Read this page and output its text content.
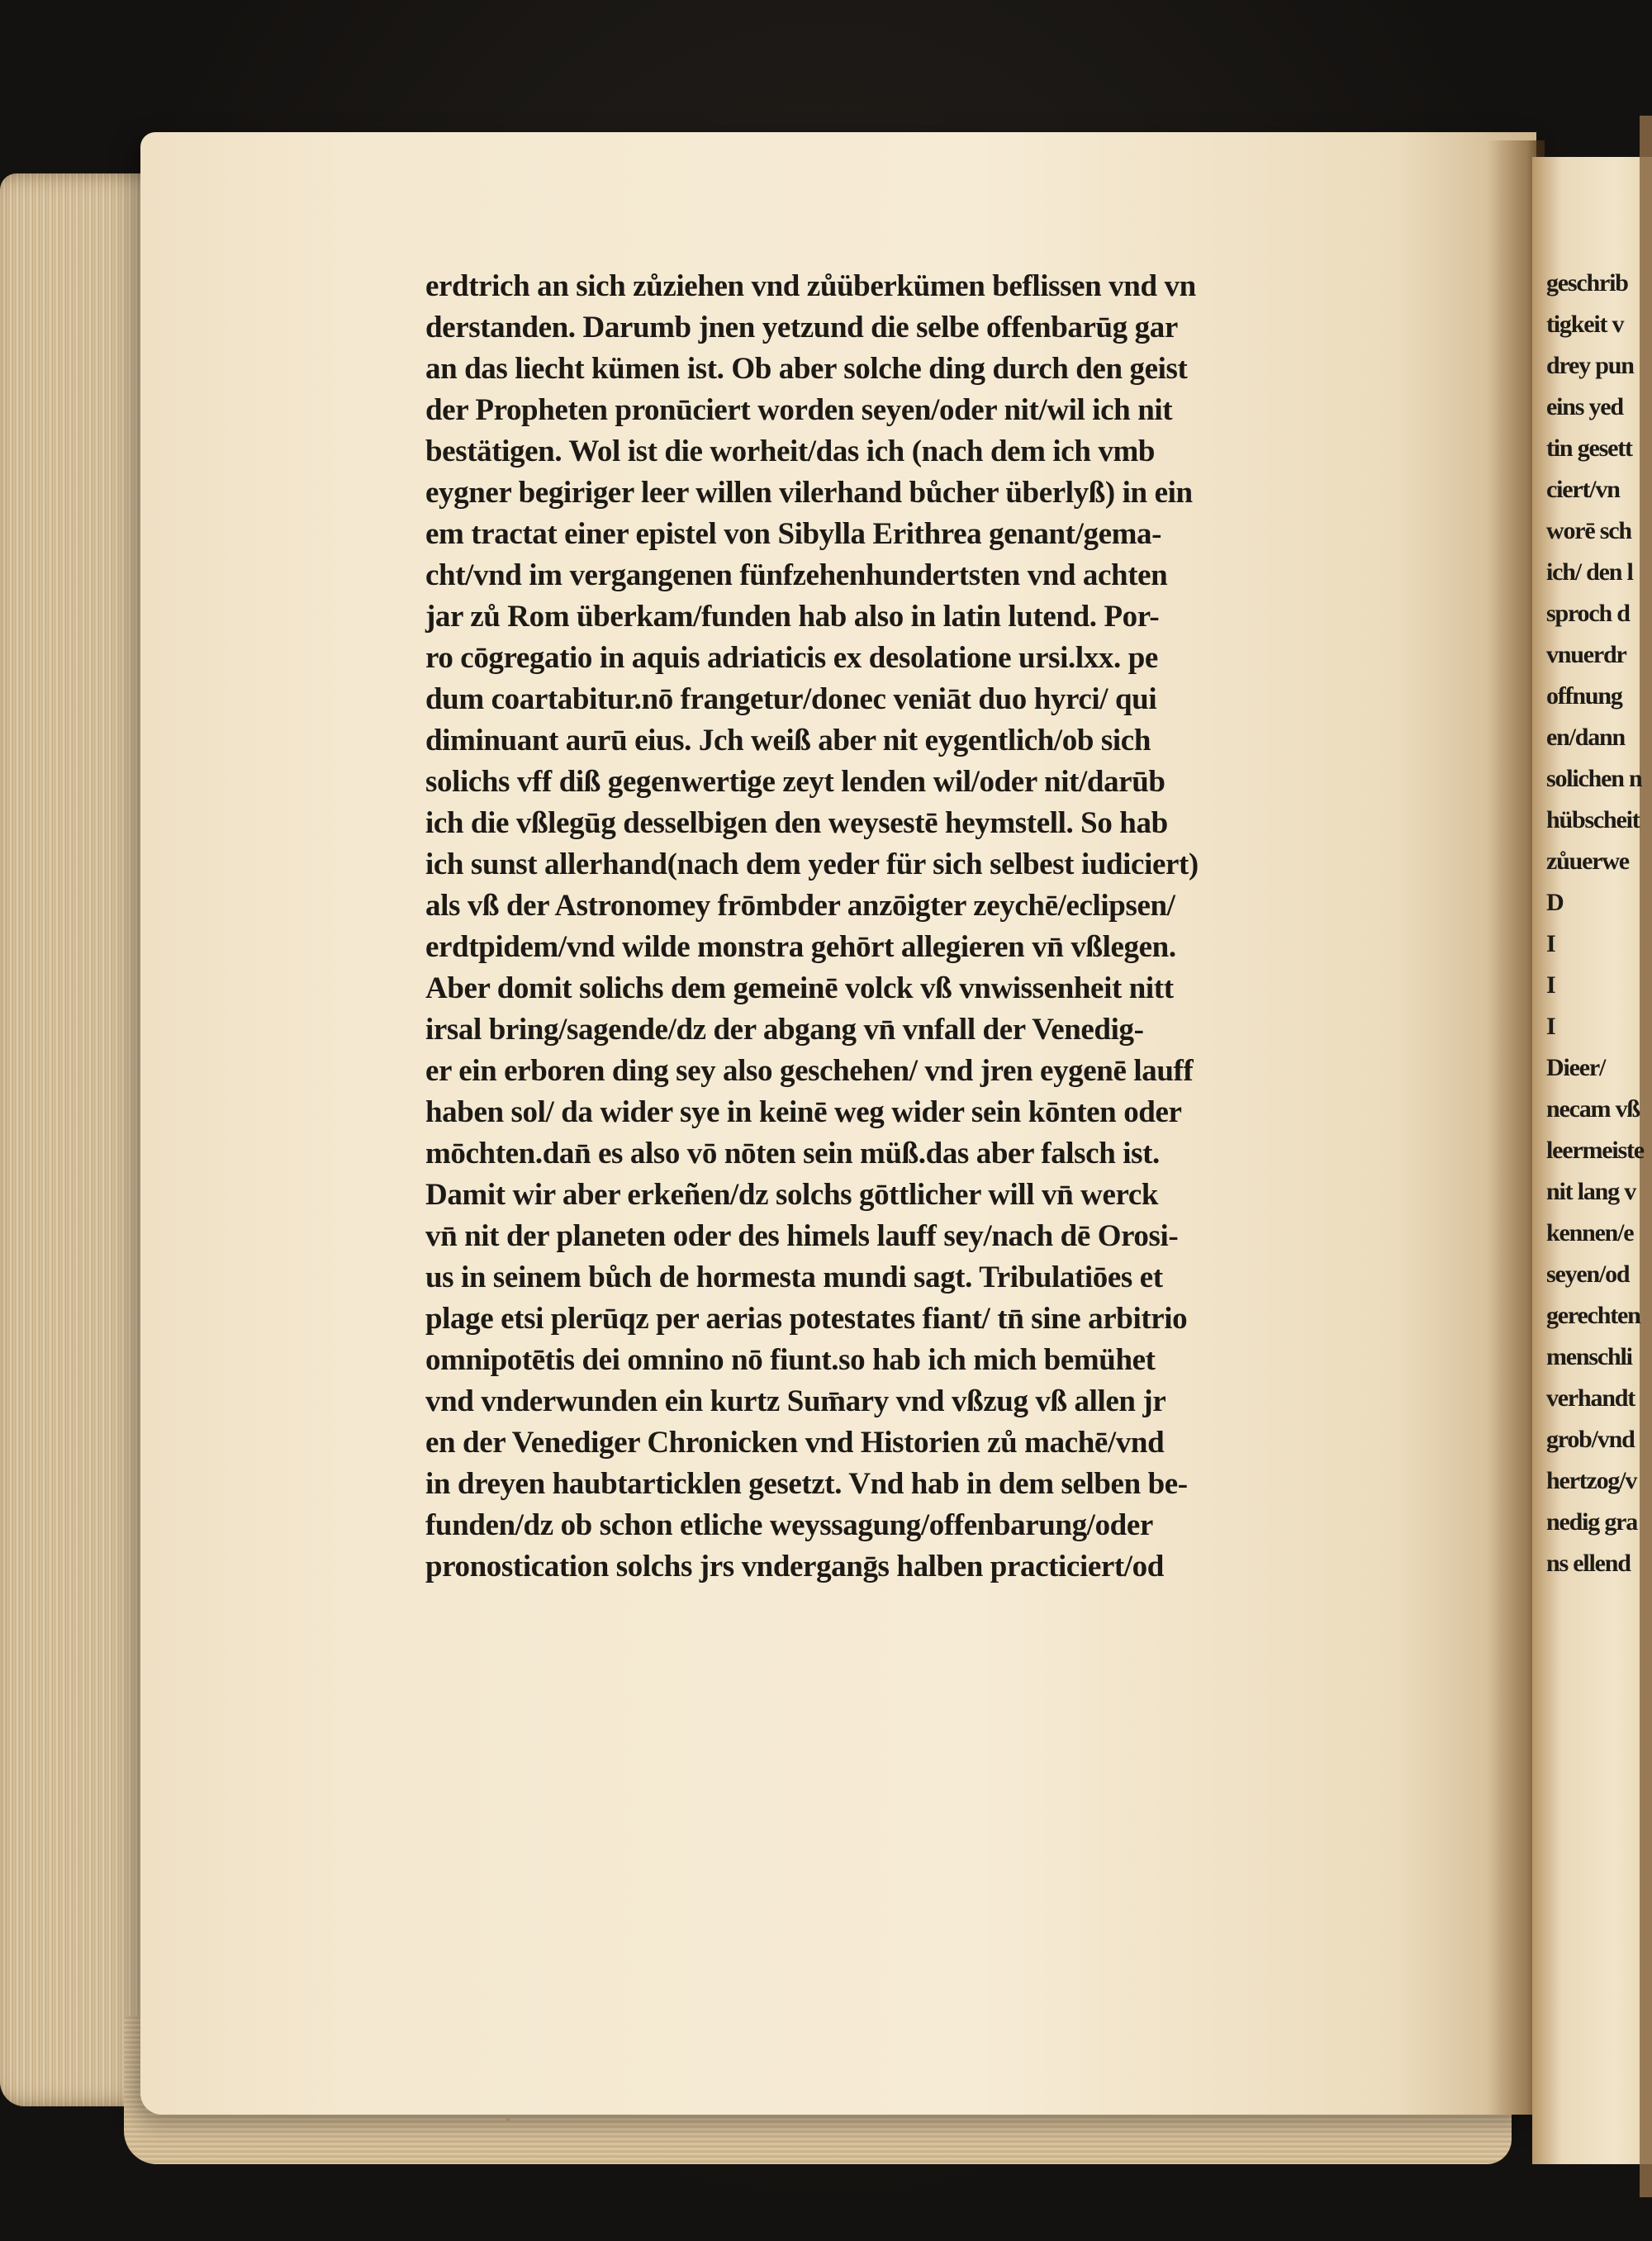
erdtrich an sich zůziehen vnd zůüberkümen beflissen vnd vn
derstanden. Darumb jnen yetzund die selbe offenbarūg gar
an das liecht kümen ist. Ob aber solche ding durch den geist
der Propheten pronūciert worden seyen/oder nit/wil ich nit
bestätigen. Wol ist die worheit/das ich (nach dem ich vmb
eygner begiriger leer willen vilerhand bůcher überlyß) in ein
em tractat einer epistel von Sibylla Erithrea genant/gema-
cht/vnd im vergangenen fünfzehenhundertsten vnd achten
jar zů Rom überkam/funden hab also in latin lutend. Por-
ro cōgregatio in aquis adriaticis ex desolatione ursi.lxx. pe
dum coartabitur.nō frangetur/donec veniāt duo hyrci/ qui
diminuant aurū eius. Jch weiß aber nit eygentlich/ob sich
solichs vff diß gegenwertige zeyt lenden wil/oder nit/darūb
ich die vßlegūg desselbigen den weysestē heymstell. So hab
ich sunst allerhand(nach dem yeder für sich selbest iudiciert)
als vß der Astronomey frōmbder anzōigter zeychē/eclipsen/
erdtpidem/vnd wilde monstra gehōrt allegieren vn̄ vßlegen.
Aber domit solichs dem gemeinē volck vß vnwissenheit nitt
irsal bring/sagende/dz der abgang vn̄ vnfall der Venedig-
er ein erboren ding sey also geschehen/ vnd jren eygenē lauff
haben sol/ da wider sye in keinē weg wider sein kōnten oder
mōchten.dan̄ es also vō nōten sein müß.das aber falsch ist.
Damit wir aber erkeñen/dz solchs gōttlicher will vn̄ werck
vn̄ nit der planeten oder des himels lauff sey/nach dē Orosi-
us in seinem bůch de hormesta mundi sagt. Tribulatiōes et
plage etsi plerūqz per aerias potestates fiant/ tn̄ sine arbitrio
omnipotētis dei omnino nō fiunt.so hab ich mich bemühet
vnd vnderwunden ein kurtz Sum̄ary vnd vßzug vß allen jr
en der Venediger Chronicken vnd Historien zů machē/vnd
in dreyen haubtarticklen gesetzt. Vnd hab in dem selben be-
funden/dz ob schon etliche weyssagung/offenbarung/oder
pronostication solchs jrs vnderganḡs halben practiciert/od
geschrib
tigkeit v
drey pun
eins yed
tin gesett
ciert/vn
worē sch
ich/ den l
sproch d
vnuerdr
offnung
en/dann
solichen n
hübscheit
zůuerwe
D
I
I
I
Dieer/
necam vß
leermeiste
nit lang v
kennen/e
seyen/od
gerechten
menschli
verhandt
grob/vnd
hertzog/v
nedig gra
ns ellend
